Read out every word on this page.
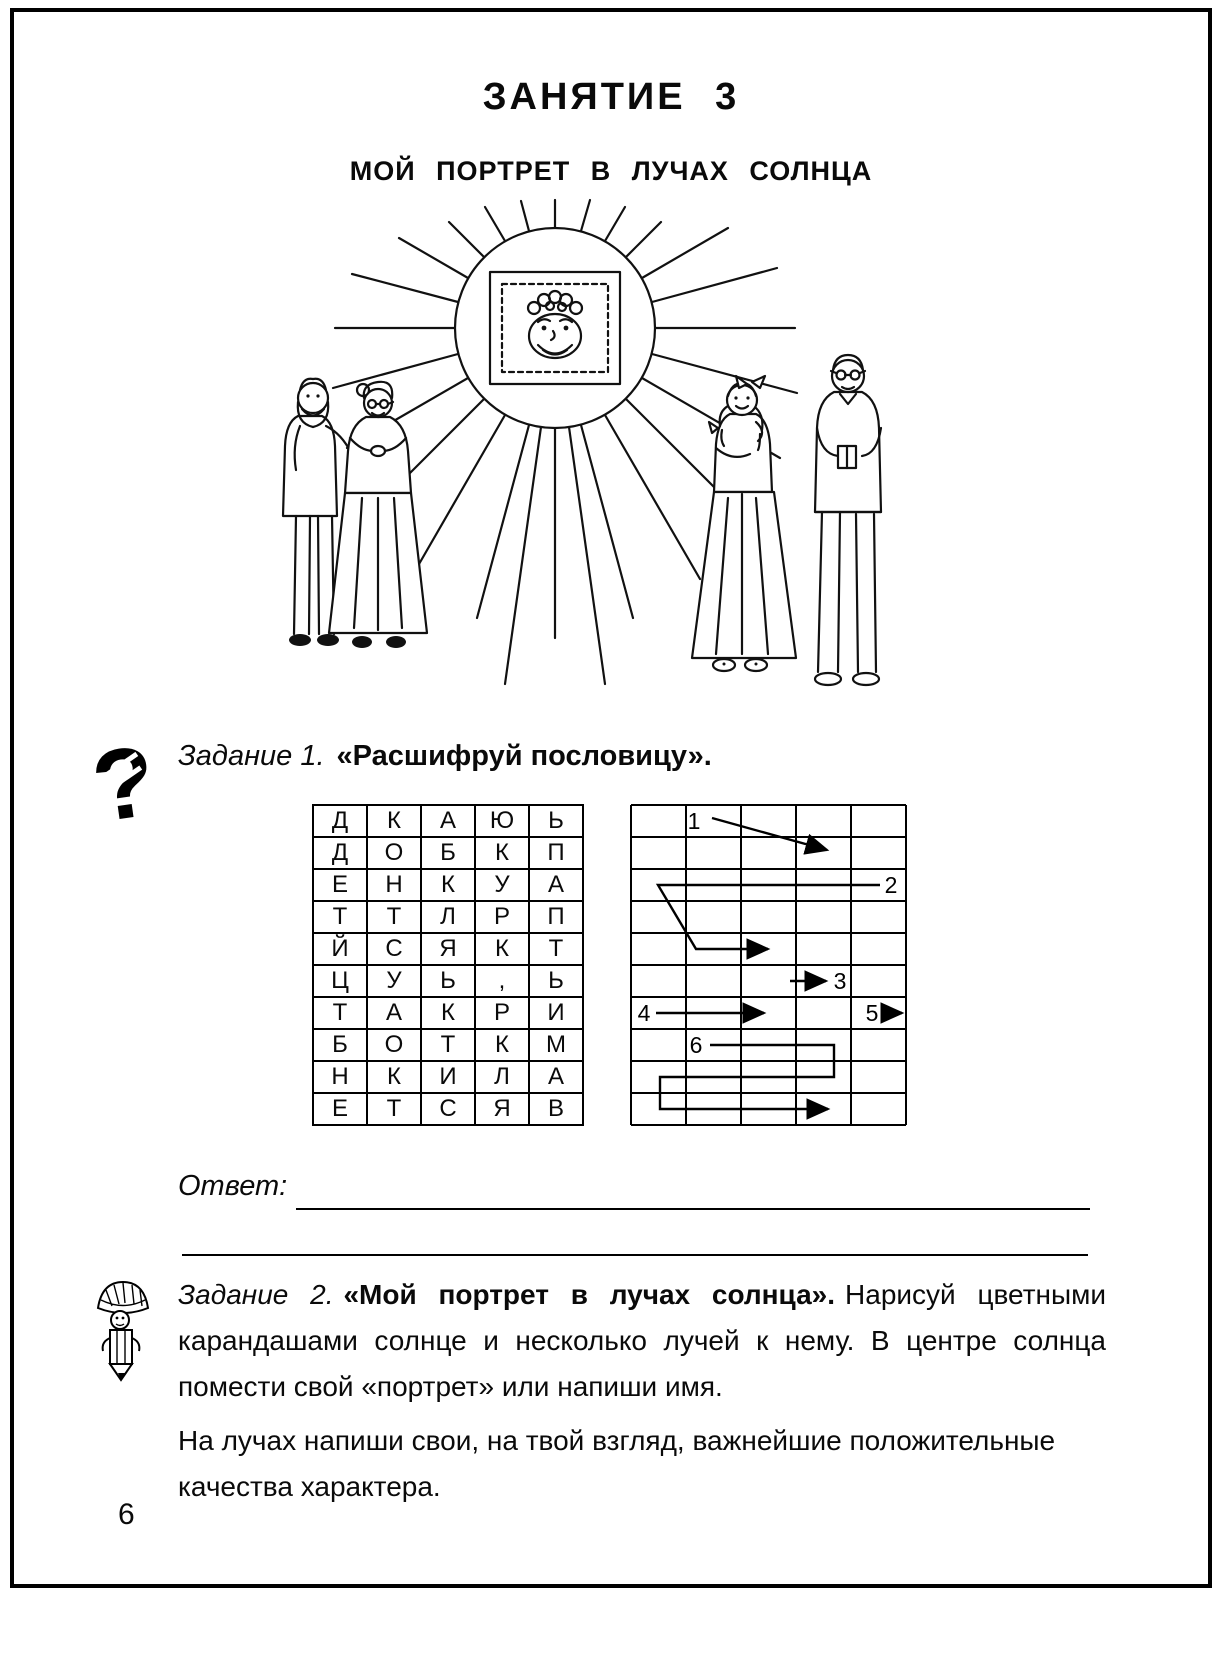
ЗАНЯТИЕ 3
МОЙ ПОРТРЕТ В ЛУЧАХ СОЛНЦА
? Задание 1. «Расшифруй пословицу».
Д	К	А	Ю	Ь
Д	О	Б	К	П
Е	Н	К	У	А
Т	Т	Л	Р	П
Й	С	Я	К	Т
Ц	У	Ь	,	Ь
Т	А	К	Р	И
Б	О	Т	К	М
Н	К	И	Л	А
Е	Т	С	Я	В
1
2
3
4	5
6
Ответ:

Задание 2. «Мой портрет в лучах солнца». Нарисуй цветными карандашами солнце и несколько лучей к нему. В центре солнца помести свой «портрет» или напиши имя.

На лучах напиши свои, на твой взгляд, важнейшие положительные качества характера.

6
